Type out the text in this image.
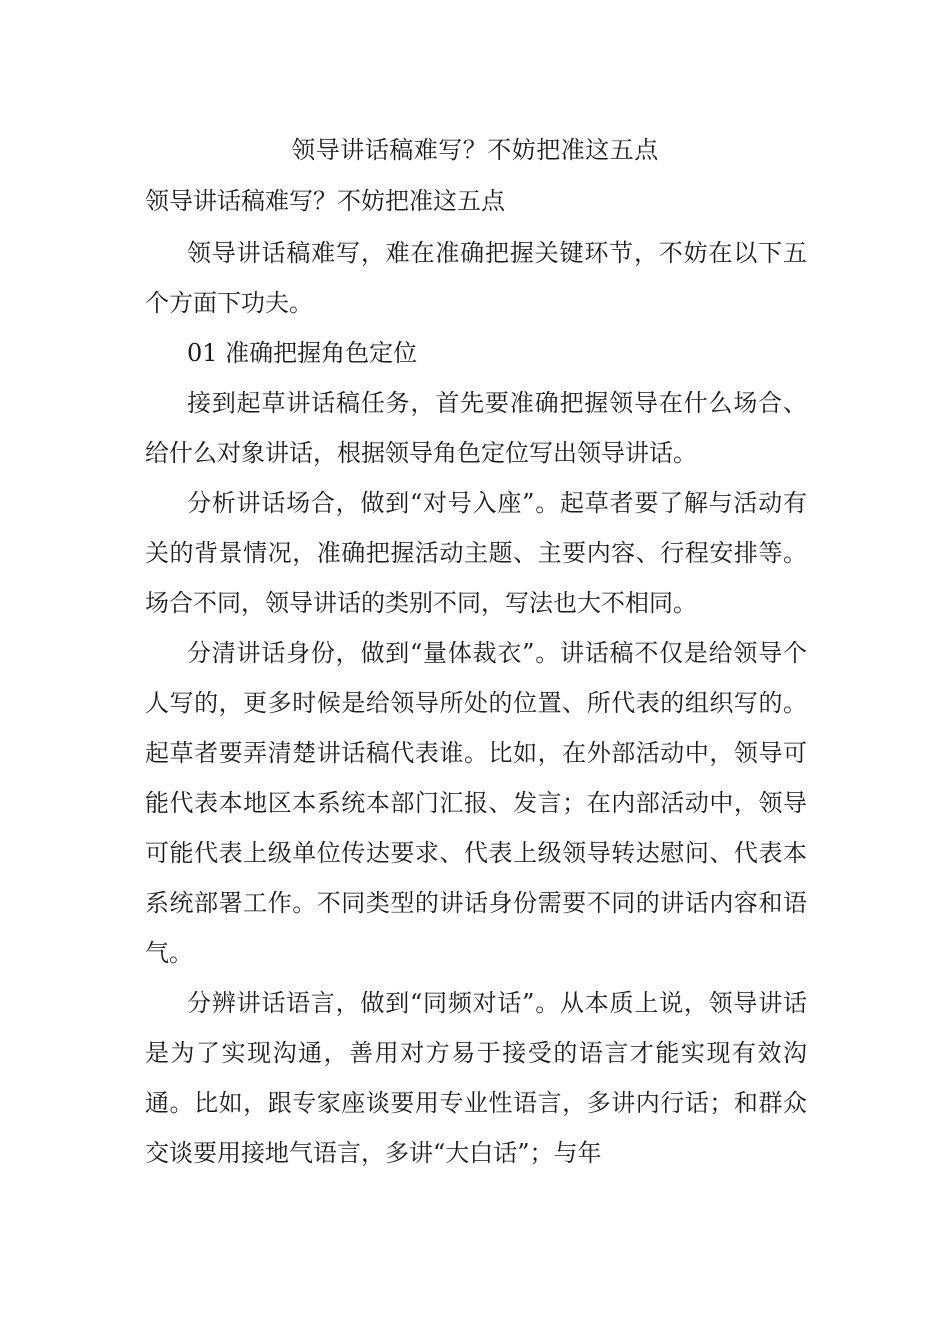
领导讲话稿难写？不妨把准这五点

领导讲话稿难写？不妨把准这五点

领导讲话稿难写，难在准确把握关键环节，不妨在以下五个方面下功夫。

01 准确把握角色定位

接到起草讲话稿任务，首先要准确把握领导在什么场合、给什么对象讲话，根据领导角色定位写出领导讲话。

分析讲话场合，做到“对号入座”。起草者要了解与活动有关的背景情况，准确把握活动主题、主要内容、行程安排等。场合不同，领导讲话的类别不同，写法也大不相同。

分清讲话身份，做到“量体裁衣”。讲话稿不仅是给领导个人写的，更多时候是给领导所处的位置、所代表的组织写的。起草者要弄清楚讲话稿代表谁。比如，在外部活动中，领导可能代表本地区本系统本部门汇报、发言；在内部活动中，领导可能代表上级单位传达要求、代表上级领导转达慰问、代表本系统部署工作。不同类型的讲话身份需要不同的讲话内容和语气。

分辨讲话语言，做到“同频对话”。从本质上说，领导讲话是为了实现沟通，善用对方易于接受的语言才能实现有效沟通。比如，跟专家座谈要用专业性语言，多讲内行话；和群众交谈要用接地气语言，多讲“大白话”；与年
